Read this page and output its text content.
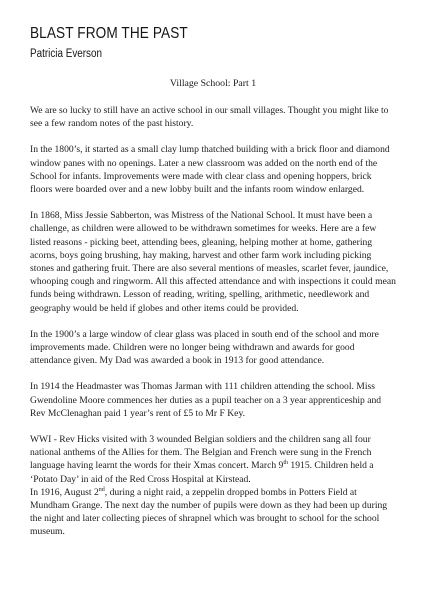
BLAST FROM THE PAST
Patricia Everson
Village School: Part 1

We are so lucky to still have an active school in our small villages. Thought you might like to see a few random notes of the past history.

In the 1800’s, it started as a small clay lump thatched building with a brick floor and diamond window panes with no openings. Later a new classroom was added on the north end of the School for infants. Improvements were made with clear class and opening hoppers, brick floors were boarded over and a new lobby built and the infants room window enlarged.

In 1868, Miss Jessie Sabberton, was Mistress of the National School. It must have been a challenge, as children were allowed to be withdrawn sometimes for weeks. Here are a few listed reasons - picking beet, attending bees, gleaning, helping mother at home, gathering acorns, boys going brushing, hay making, harvest and other farm work including picking stones and gathering fruit. There are also several mentions of measles, scarlet fever, jaundice, whooping cough and ringworm. All this affected attendance and with inspections it could mean funds being withdrawn. Lesson of reading, writing, spelling, arithmetic, needlework and geography would be held if globes and other items could be provided.

In the 1900’s a large window of clear glass was placed in south end of the school and more improvements made. Children were no longer being withdrawn and awards for good attendance given. My Dad was awarded a book in 1913 for good attendance.

In 1914 the Headmaster was Thomas Jarman with 111 children attending the school. Miss Gwendoline Moore commences her duties as a pupil teacher on a 3 year apprenticeship and Rev McClenaghan paid 1 year’s rent of £5 to Mr F Key.

WWI - Rev Hicks visited with 3 wounded Belgian soldiers and the children sang all four national anthems of the Allies for them. The Belgian and French were sung in the French language having learnt the words for their Xmas concert. March 9th 1915. Children held a ‘Potato Day’ in aid of the Red Cross Hospital at Kirstead.

In 1916, August 2nd, during a night raid, a zeppelin dropped bombs in Potters Field at Mundham Grange. The next day the number of pupils were down as they had been up during the night and later collecting pieces of shrapnel which was brought to school for the school museum.
